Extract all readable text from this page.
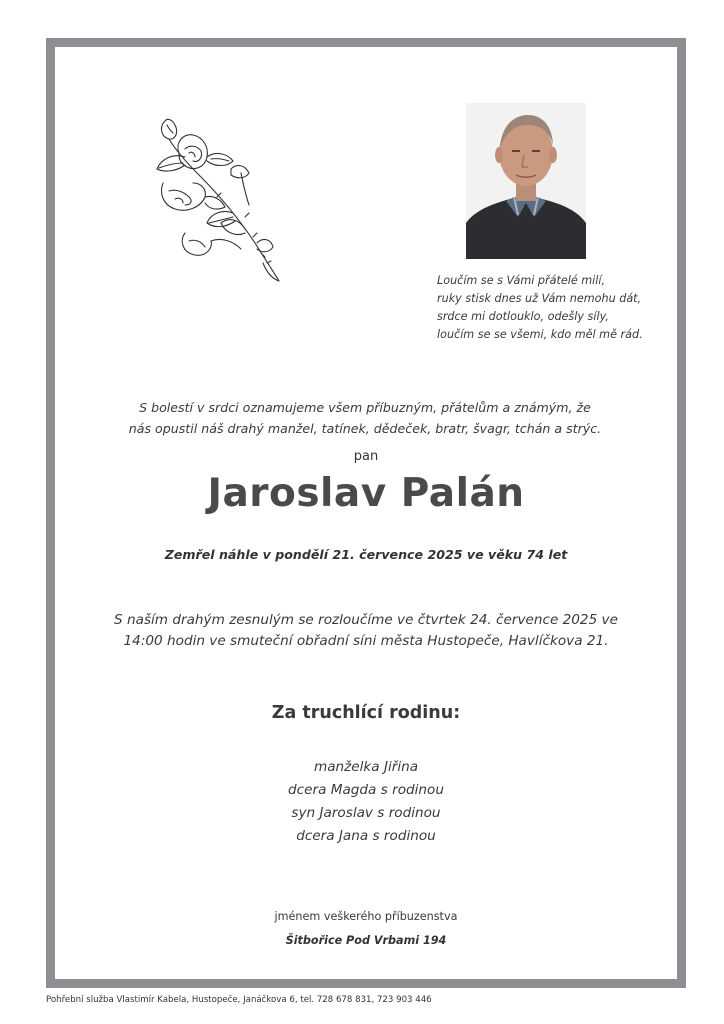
Loučím se s Vámi přátelé milí,
ruky stisk dnes už Vám nemohu dát,
srdce mi dotlouklo, odešly síly,
loučím se se všemi, kdo měl mě rád.
S bolestí v srdci oznamujeme všem příbuzným, přátelům a známým, že
nás opustil náš drahý manžel, tatínek, dědeček, bratr, švagr, tchán a strýc.
pan
Jaroslav Palán
Zemřel náhle v pondělí 21. července 2025 ve věku 74 let
S naším drahým zesnulým se rozloučíme ve čtvrtek 24. července 2025 ve
14:00 hodin ve smuteční obřadní síni města Hustopeče, Havlíčkova 21.
Za truchlící rodinu:
manželka Jiřina
dcera Magda s rodinou
syn Jaroslav s rodinou
dcera Jana s rodinou
jménem veškerého příbuzenstva
Šitbořice Pod Vrbami 194
Pohřební služba Vlastimír Kabela, Hustopeče, Janáčkova 6, tel. 728 678 831, 723 903 446
